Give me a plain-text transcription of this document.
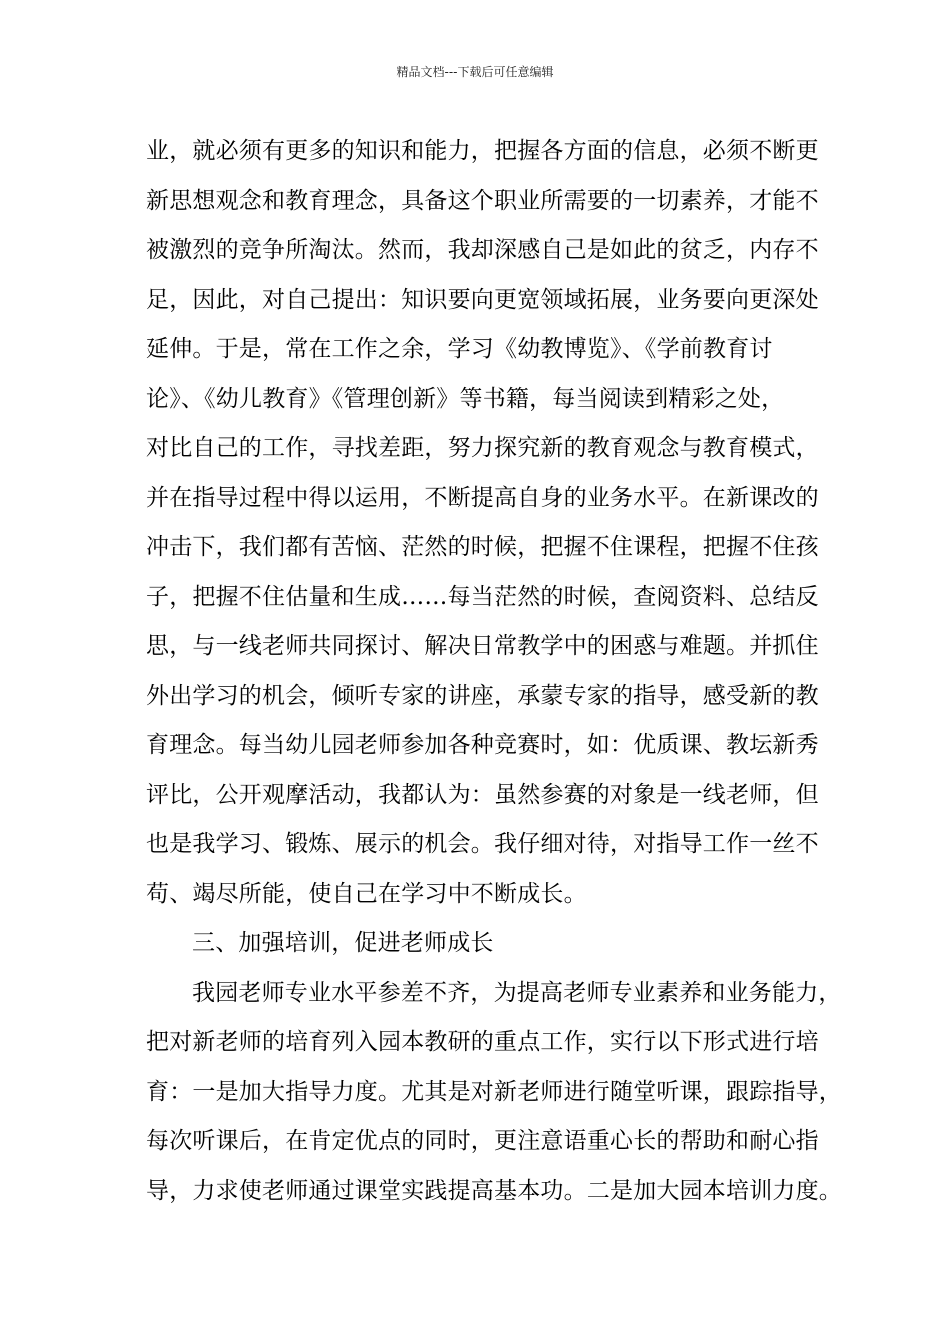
精品文档---下载后可任意编辑
业，就必须有更多的知识和能力，把握各方面的信息，必须不断更
新思想观念和教育理念，具备这个职业所需要的一切素养，才能不
被激烈的竞争所淘汰。然而，我却深感自己是如此的贫乏，内存不
足，因此，对自己提出：知识要向更宽领域拓展，业务要向更深处
延伸。于是，常在工作之余，学习《幼教博览》、《学前教育讨
论》、《幼儿教育》《管理创新》等书籍，每当阅读到精彩之处，
对比自己的工作，寻找差距，努力探究新的教育观念与教育模式，
并在指导过程中得以运用，不断提高自身的业务水平。在新课改的
冲击下，我们都有苦恼、茫然的时候，把握不住课程，把握不住孩
子，把握不住估量和生成……每当茫然的时候，查阅资料、总结反
思，与一线老师共同探讨、解决日常教学中的困惑与难题。并抓住
外出学习的机会，倾听专家的讲座，承蒙专家的指导，感受新的教
育理念。每当幼儿园老师参加各种竞赛时，如：优质课、教坛新秀
评比，公开观摩活动，我都认为：虽然参赛的对象是一线老师，但
也是我学习、锻炼、展示的机会。我仔细对待，对指导工作一丝不
苟、竭尽所能，使自己在学习中不断成长。
三、加强培训，促进老师成长
我园老师专业水平参差不齐，为提高老师专业素养和业务能力，
把对新老师的培育列入园本教研的重点工作，实行以下形式进行培
育：一是加大指导力度。尤其是对新老师进行随堂听课，跟踪指导，
每次听课后，在肯定优点的同时，更注意语重心长的帮助和耐心指
导，力求使老师通过课堂实践提高基本功。二是加大园本培训力度。
